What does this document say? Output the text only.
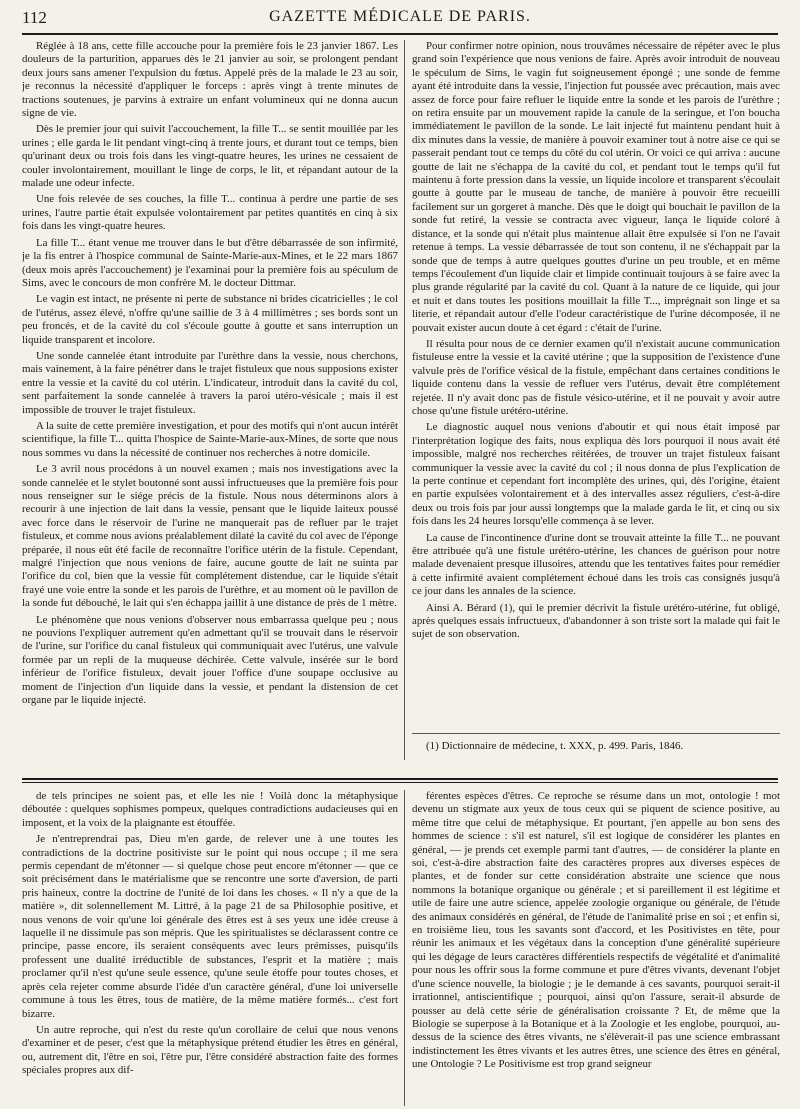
112	GAZETTE MÉDICALE DE PARIS.

Réglée à 18 ans, cette fille accouche pour la première fois le 23 janvier 1867. Les douleurs de la parturition, apparues dès le 21 janvier au soir, se prolongent pendant deux jours sans amener l'expulsion du fœtus. Appelé près de la malade le 23 au soir, je reconnus la nécessité d'appliquer le forceps : après vingt à trente minutes de tractions soutenues, je parvins à extraire un enfant volumineux qui ne donna aucun signe de vie.

Dès le premier jour qui suivit l'accouchement, la fille T... se sentit mouillée par les urines ; elle garda le lit pendant vingt-cinq à trente jours, et durant tout ce temps, bien qu'urinant deux ou trois fois dans les vingt-quatre heures, les urines ne cessaient de couler involontairement, mouillant le linge de corps, le lit, et répandant autour de la malade une odeur infecte.

Une fois relevée de ses couches, la fille T... continua à perdre une partie de ses urines, l'autre partie était expulsée volontairement par petites quantités en cinq à six fois dans les vingt-quatre heures.

La fille T... étant venue me trouver dans le but d'être débarrassée de son infirmité, je la fis entrer à l'hospice communal de Sainte-Marie-aux-Mines, et le 22 mars 1867 (deux mois après l'accouchement) je l'examinai pour la première fois au spéculum de Sims, avec le concours de mon confrère M. le docteur Dittmar.

Le vagin est intact, ne présente ni perte de substance ni brides cicatricielles ; le col de l'utérus, assez élevé, n'offre qu'une saillie de 3 à 4 millimètres ; ses bords sont un peu froncés, et de la cavité du col s'écoule goutte à goutte et sans interruption un liquide transparent et incolore.

Une sonde cannelée étant introduite par l'urèthre dans la vessie, nous cherchons, mais vainement, à la faire pénétrer dans le trajet fistuleux que nous supposions exister entre la vessie et la cavité du col utérin. L'indicateur, introduit dans la cavité du col, sent parfaitement la sonde cannelée à travers la paroi utéro-vésicale ; mais il est impossible de trouver le trajet fistuleux.

A la suite de cette première investigation, et pour des motifs qui n'ont aucun intérêt scientifique, la fille T... quitta l'hospice de Sainte-Marie-aux-Mines, de sorte que nous nous sommes vu dans la nécessité de continuer nos recherches à notre domicile.

Le 3 avril nous procédons à un nouvel examen ; mais nos investigations avec la sonde cannelée et le stylet boutonné sont aussi infructueuses que la première fois pour nous renseigner sur le siége précis de la fistule. Nous nous déterminons alors à recourir à une injection de lait dans la vessie, pensant que le liquide laiteux poussé avec force dans le réservoir de l'urine ne manquerait pas de refluer par le trajet fistuleux, et comme nous avions préalablement dilaté la cavité du col avec de l'éponge préparée, il nous eût été facile de reconnaître l'orifice utérin de la fistule. Cependant, malgré l'injection que nous venions de faire, aucune goutte de lait ne suinta par l'orifice du col, bien que la vessie fût complétement distendue, car le liquide s'était frayé une voie entre la sonde et les parois de l'urèthre, et au moment où le pavillon de la sonde fut débouché, le lait qui s'en échappa jaillit à une distance de près de 1 mètre.

Le phénomène que nous venions d'observer nous embarrassa quelque peu ; nous ne pouvions l'expliquer autrement qu'en admettant qu'il se trouvait dans le réservoir de l'urine, sur l'orifice du canal fistuleux qui communiquait avec l'utérus, une valvule formée par un repli de la muqueuse déchirée. Cette valvule, insérée sur le bord inférieur de l'orifice fistuleux, devait jouer l'office d'une soupape occlusive au moment de l'injection d'un liquide dans la vessie, et pendant la distension de cet organe par le liquide injecté.

Pour confirmer notre opinion, nous trouvâmes nécessaire de répéter avec le plus grand soin l'expérience que nous venions de faire. Après avoir introduit de nouveau le spéculum de Sims, le vagin fut soigneusement épongé ; une sonde de femme ayant été introduite dans la vessie, l'injection fut poussée avec précaution, mais avec assez de force pour faire refluer le liquide entre la sonde et les parois de l'urèthre ; on retira ensuite par un mouvement rapide la canule de la seringue, et l'on boucha immédiatement le pavillon de la sonde. Le lait injecté fut maintenu pendant huit à dix minutes dans la vessie, de manière à pouvoir examiner tout à notre aise ce qui se passerait pendant tout ce temps du côté du col utérin. Or voici ce qui arriva : aucune goutte de lait ne s'échappa de la cavité du col, et pendant tout le temps qu'il fut maintenu à forte pression dans la vessie, un liquide incolore et transparent s'écoulait goutte à goutte par le museau de tanche, de manière à pouvoir être recueilli facilement sur un gorgeret à manche. Dès que le doigt qui bouchait le pavillon de la sonde fut retiré, la vessie se contracta avec vigueur, lança le liquide coloré à distance, et la sonde qui n'était plus maintenue allait être expulsée si l'on ne l'avait retenue à temps. La vessie débarrassée de tout son contenu, il ne s'échappait par la sonde que de temps à autre quelques gouttes d'urine un peu trouble, et en même temps l'écoulement d'un liquide clair et limpide continuait toujours à se faire avec la plus grande régularité par la cavité du col. Quant à la nature de ce liquide, qui jour et nuit et dans toutes les positions mouillait la fille T..., imprégnait son linge et sa literie, et répandait autour d'elle l'odeur caractéristique de l'urine décomposée, il ne pouvait exister aucun doute à cet égard : c'était de l'urine.

Il résulta pour nous de ce dernier examen qu'il n'existait aucune communication fistuleuse entre la vessie et la cavité utérine ; que la supposition de l'existence d'une valvule près de l'orifice vésical de la fistule, empêchant dans certaines conditions le liquide contenu dans la vessie de refluer vers l'utérus, devait être complétement rejetée. Il n'y avait donc pas de fistule vésico-utérine, et il ne pouvait y avoir autre chose qu'une fistule urétéro-utérine.

Le diagnostic auquel nous venions d'aboutir et qui nous était imposé par l'interprétation logique des faits, nous expliqua dès lors pourquoi il nous avait été impossible, malgré nos recherches réitérées, de trouver un trajet fistuleux faisant communiquer la vessie avec la cavité du col ; il nous donna de plus l'explication de la perte continue et cependant fort incomplète des urines, qui, dès l'origine, étaient en partie expulsées volontairement et à des intervalles assez réguliers, c'est-à-dire deux ou trois fois par jour aussi longtemps que la malade garda le lit, et cinq ou six fois dans les 24 heures lorsqu'elle commença à se lever.

La cause de l'incontinence d'urine dont se trouvait atteinte la fille T... ne pouvant être attribuée qu'à une fistule urétéro-utérine, les chances de guérison pour notre malade devenaient presque illusoires, attendu que les tentatives faites pour remédier à cette infirmité avaient complétement échoué dans les trois cas consignés jusqu'à ce jour dans les annales de la science.

Ainsi A. Bérard (1), qui le premier décrivit la fistule urétéro-utérine, fut obligé, après quelques essais infructueux, d'abandonner à son triste sort la malade qui fait le sujet de son observation.

(1) Dictionnaire de médecine, t. XXX, p. 499. Paris, 1846.

de tels principes ne soient pas, et elle les nie ! Voilà donc la métaphysique déboutée : quelques sophismes pompeux, quelques contradictions audacieuses qui en imposent, et la voix de la plaignante est étouffée.

Je n'entreprendrai pas, Dieu m'en garde, de relever une à une toutes les contradictions de la doctrine positiviste sur le point qui nous occupe ; il me sera permis cependant de m'étonner — si quelque chose peut encore m'étonner — que ce soit précisément dans le matérialisme que se rencontre une sorte d'aversion, de parti pris haineux, contre la doctrine de l'unité de loi dans les choses. « Il n'y a que de la matière », dit solennellement M. Littré, à la page 21 de sa Philosophie positive, et nous venons de voir qu'une loi générale des êtres est à ses yeux une idée creuse à laquelle il ne dissimule pas son mépris. Que les spiritualistes se déclarassent contre ce principe, passe encore, ils seraient conséquents avec leurs prémisses, puisqu'ils professent une dualité irréductible de substances, l'esprit et la matière ; mais proclamer qu'il n'est qu'une seule essence, qu'une seule étoffe pour toutes choses, et après cela rejeter comme absurde l'idée d'un caractère général, d'une loi universelle commune à tous les êtres, tous de matière, de la même matière formés... c'est fort bizarre.

Un autre reproche, qui n'est du reste qu'un corollaire de celui que nous venons d'examiner et de peser, c'est que la métaphysique prétend étudier les êtres en général, ou, autrement dit, l'être en soi, l'être pur, l'être considéré abstraction faite des formes spéciales propres aux dif-

férentes espèces d'êtres. Ce reproche se résume dans un mot, ontologie ! mot devenu un stigmate aux yeux de tous ceux qui se piquent de science positive, au même titre que celui de métaphysique. Et pourtant, j'en appelle au bon sens des hommes de science : s'il est naturel, s'il est logique de considérer les plantes en général, — je prends cet exemple parmi tant d'autres, — de considérer la plante en soi, c'est-à-dire abstraction faite des caractères propres aux diverses espèces de plantes, et de fonder sur cette considération abstraite une science que nous nommons la botanique organique ou générale ; et si pareillement il est légitime et utile de faire une autre science, appelée zoologie organique ou générale, de l'étude des animaux considérés en général, de l'étude de l'animalité prise en soi ; et enfin si, en troisième lieu, tous les savants sont d'accord, et les Positivistes en tête, pour réunir les animaux et les végétaux dans la conception d'une généralité supérieure qui les dégage de leurs caractères différentiels respectifs de végétalité et d'animalité pour nous les offrir sous la forme commune et pure d'êtres vivants, devenant l'objet d'une science nouvelle, la biologie ; je le demande à ces savants, pourquoi serait-il irrationnel, antiscientifique ; pourquoi, ainsi qu'on l'assure, serait-il absurde de pousser au delà cette série de généralisation croissante ? Et, de même que la Biologie se superpose à la Botanique et à la Zoologie et les englobe, pourquoi, au-dessus de la science des êtres vivants, ne s'élèverait-il pas une science embrassant indistinctement les êtres vivants et les autres êtres, une science des êtres en général, une Ontologie ? Le Positivisme est trop grand seigneur
